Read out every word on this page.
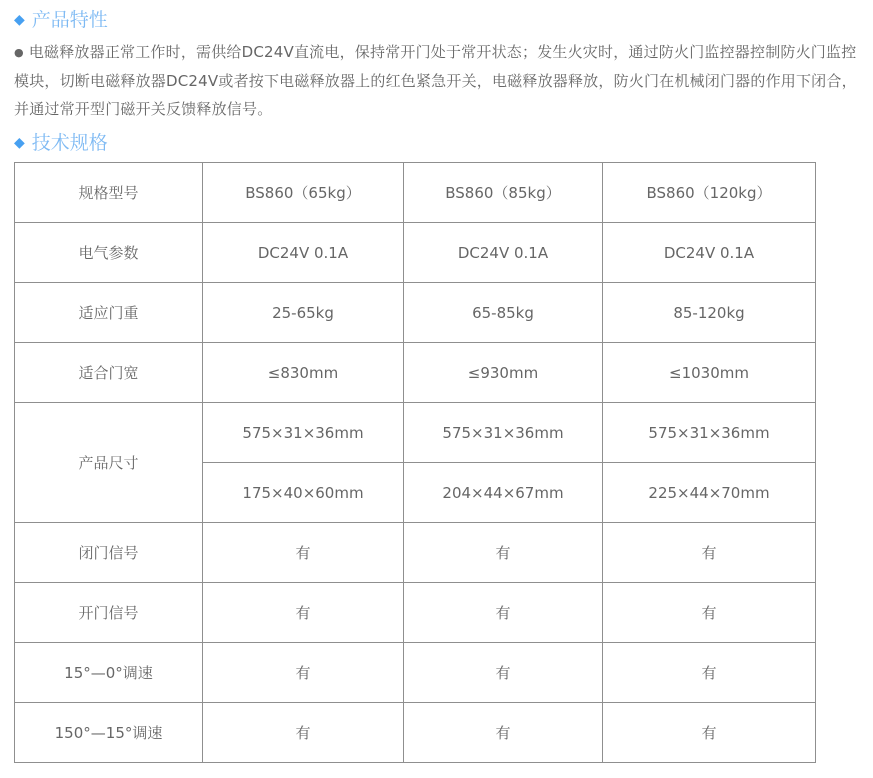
◆ 产品特性

● 电磁释放器正常工作时，需供给DC24V直流电，保持常开门处于常开状态；发生火灾时，通过防火门监控器控制防火门监控模块，切断电磁释放器DC24V或者按下电磁释放器上的红色紧急开关，电磁释放器释放，防火门在机械闭门器的作用下闭合，并通过常开型门磁开关反馈释放信号。

◆ 技术规格
规格型号	BS860（65kg）	BS860（85kg）	BS860（120kg）
电气参数	DC24V 0.1A	DC24V 0.1A	DC24V 0.1A
适应门重	25-65kg	65-85kg	85-120kg
适合门宽	≤830mm	≤930mm	≤1030mm
产品尺寸	575×31×36mm	575×31×36mm	575×31×36mm
	175×40×60mm	204×44×67mm	225×44×70mm
闭门信号	有	有	有
开门信号	有	有	有
15°—0°调速	有	有	有
150°—15°调速	有	有	有
